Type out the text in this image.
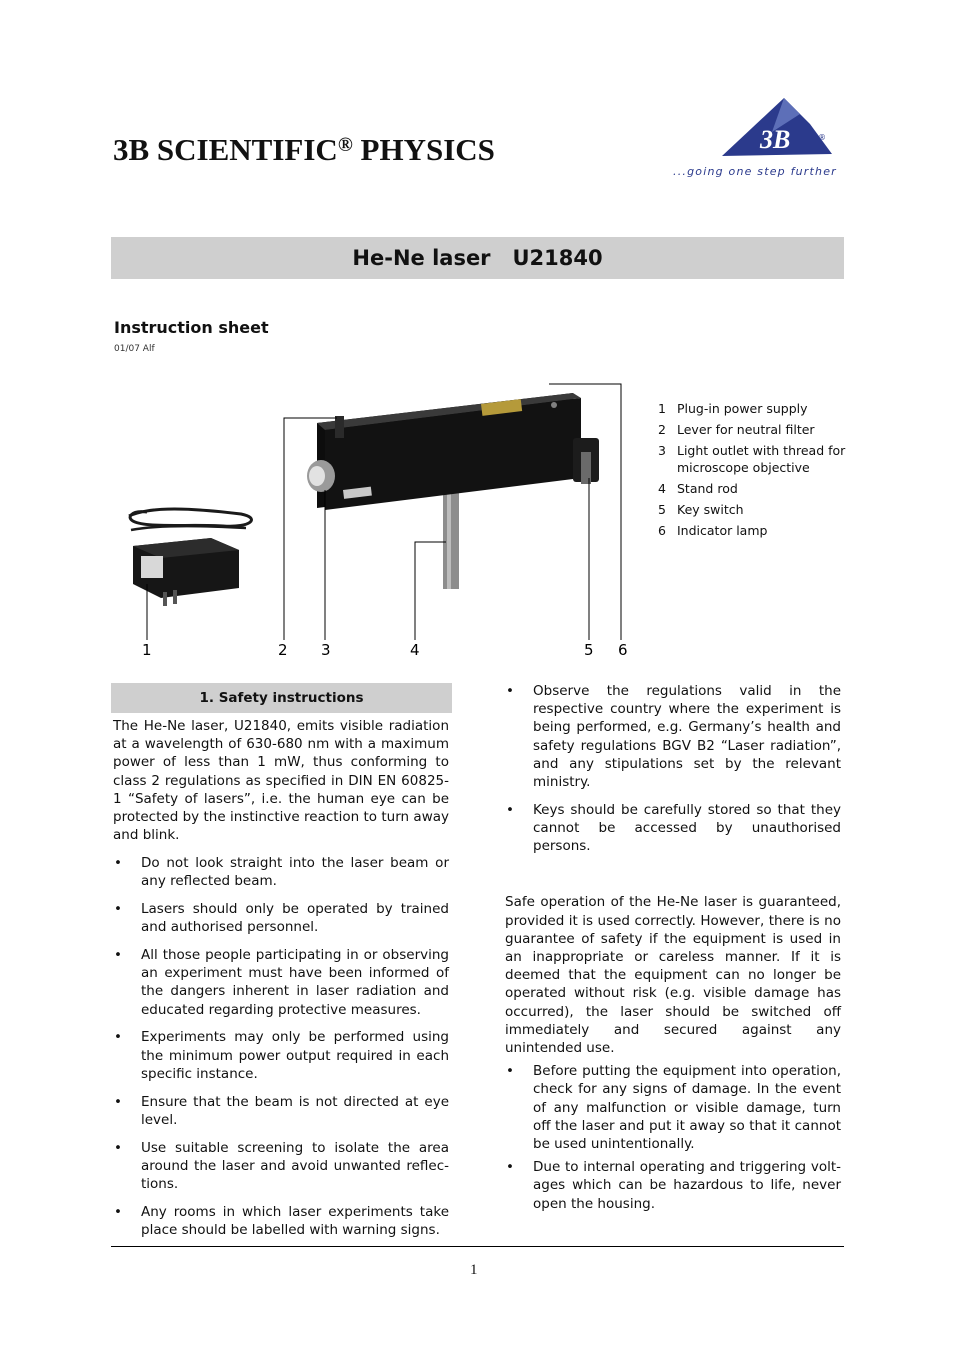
3B SCIENTIFIC® PHYSICS	3B	®
...going one step further
He-Ne laser   U21840
Instruction sheet
01/07 Alf
1	2 3	4	5 6
1 Plug-in power supply
2 Lever for neutral filter
3 Light outlet with thread for microscope objective
4 Stand rod
5 Key switch
6 Indicator lamp
1. Safety instructions

The He-Ne laser, U21840, emits visible radiation at a wavelength of 630-680 nm with a maximum power of less than 1 mW, thus conforming to class 2 regulations as specified in DIN EN 60825-1 “Safety of lasers”, i.e. the human eye can be protected by the instinctive reaction to turn away and blink.

• Do not look straight into the laser beam or any reflected beam.
• Lasers should only be operated by trained and authorised personnel.
• All those people participating in or observing an experiment must have been informed of the dangers inherent in laser radiation and educated regarding protective measures.
• Experiments may only be performed using the minimum power output required in each specific instance.
• Ensure that the beam is not directed at eye level.
• Use suitable screening to isolate the area around the laser and avoid unwanted reflections.
• Any rooms in which laser experiments take place should be labelled with warning signs.
• Observe the regulations valid in the respective country where the experiment is being performed, e.g. Germany’s health and safety regulations BGV B2 “Laser radiation”, and any stipulations set by the relevant ministry.
• Keys should be carefully stored so that they cannot be accessed by unauthorised persons.

Safe operation of the He-Ne laser is guaranteed, provided it is used correctly. However, there is no guarantee of safety if the equipment is used in an inappropriate or careless manner. If it is deemed that the equipment can no longer be operated without risk (e.g. visible damage has occurred), the laser should be switched off immediately and secured against any unintended use.

• Before putting the equipment into operation, check for any signs of damage. In the event of any malfunction or visible damage, turn off the laser and put it away so that it cannot be used unintentionally.
• Due to internal operating and triggering voltages which can be hazardous to life, never open the housing.
1
